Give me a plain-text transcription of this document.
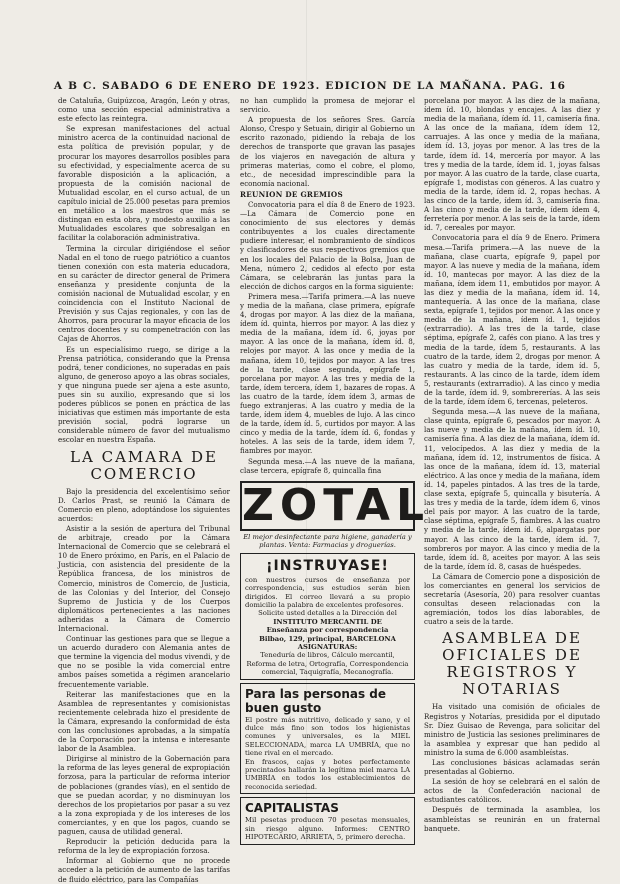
A B C. SABADO 6 DE ENERO DE 1923. EDICION DE LA MAÑANA. PAG. 16

de Cataluña, Guipúzcoa, Aragón, León y otras, como una sección especial administrativa a este efecto las reintegra.

Se expresan manifestaciones del actual ministro acerca de la continuidad nacional de esta política de previsión popular, y de procurar los mayores desarrollos posibles para su efectividad, y especialmente acerca de su favorable disposición a la aplicación, a propuesta de la comisión nacional de Mutualidad escolar, en el curso actual, de un capítulo inicial de 25.000 pesetas para premios en metálico a los maestros que más se distingan en esta obra, y modesto auxilio a las Mutualidades escolares que sobresalgan en facilitar la colaboración administrativa.

Termina la circular dirigiéndose el señor Nadal en el tono de ruego patriótico a cuantos tienen conexión con esta materia educadora, en su carácter de director general de Primera enseñanza y presidente conjunta de la comisión nacional de Mutualidad escolar, y en coincidencia con el Instituto Nacional de Previsión y sus Cajas regionales, y con las de Ahorros, para procurar la mayor eficacia de los centros docentes y su compenetración con las Cajas de Ahorros.

Es un especialísimo ruego, se dirige a la Prensa patriótica, considerando que la Prensa podrá, tener condiciones, no superadas en país alguno, de generoso apoyo a las obras sociales, y que ninguna puede ser ajena a este asunto, pues sin su auxilio, expresando que si los poderes públicos se ponen en práctica de las iniciativas que estimen más importante de esta previsión social, podrá lograrse un considerable número de favor del mutualismo escolar en nuestra España.

LA CAMARA DE COMERCIO

Bajo la presidencia del excelentísimo señor D. Carlos Prast, se reunió la Cámara de Comercio en pleno, adoptándose los siguientes acuerdos:

Asistir a la sesión de apertura del Tribunal de arbitraje, creado por la Cámara Internacional de Comercio que se celebrará el 10 de Enero próximo, en París, en el Palacio de Justicia, con asistencia del presidente de la República francesa, de los ministros de Comercio, ministros de Comercio, de Justicia, de las Colonias y del Interior, del Consejo Supremo de Justicia y de los Cuerpos diplomáticos pertenecientes a las naciones adheridas a la Cámara de Comercio Internacional.

Continuar las gestiones para que se llegue a un acuerdo duradero con Alemania antes de que termine la vigencia del modus vivendi, y de que no se posible la vida comercial entre ambos países sometida a régimen arancelario frecuentemente variable.

Reiterar las manifestaciones que en la Asamblea de representantes y comisionistas recientemente celebrada hizo el presidente de la Cámara, expresando la conformidad de ésta con las conclusiones aprobadas, a la simpatía de la Corporación por la intensa e interesante labor de la Asamblea.

Dirigirse al ministro de la Gobernación para la reforma de las leyes general de expropiación forzosa, para la particular de reforma interior de poblaciones (grandes vías), en el sentido de que se puedan acordar, y no disminuyan los derechos de los propietarios por pasar a su vez a la zona expropiada y de los intereses de los comerciantes, y en que los pagos, cuando se paguen, causa de utilidad general.

Reproducir la petición deducida para la reforma de la ley de expropiación forzosa.

Informar al Gobierno que no procede acceder a la petición de aumento de las tarifas de fluido eléctrico, para las Compañías

no han cumplido la promesa de mejorar el servicio.

A propuesta de los señores Sres. García Alonso, Crespo y Setuain, dirigir al Gobierno un escrito razonado, pidiendo la rebaja de los derechos de transporte que gravan las pasajes de los viajeros en navegación de altura y primeras materias, como el cobre, el plomo, etc., de necesidad imprescindible para la economía nacional.

REUNION DE GREMIOS

Convocatoria para el día 8 de Enero de 1923.—La Cámara de Comercio pone en conocimiento de sus electores y demás contribuyentes a los cuales directamente pudiere interesar, el nombramiento de síndicos y clasificadores de sus respectivos gremios que en los locales del Palacio de la Bolsa, Juan de Mena, número 2, cedidos al efecto por esta Cámara, se celebrarán las juntas para la elección de dichos cargos en la forma siguiente:

Primera mesa.—Tarifa primera.—A las nueve y media de la mañana, clase primera, epígrafe 4, drogas por mayor. A las diez de la mañana, ídem íd. quinta, hierros por mayor. A las diez y media de la mañana, ídem íd. 6, joyas por mayor. A las once de la mañana, ídem íd. 8, relojes por mayor. A las once y media de la mañana, ídem 10, tejidos por mayor. A las tres de la tarde, clase segunda, epígrafe 1, porcelana por mayor. A las tres y media de la tarde, ídem tercera, ídem 1, bazares de ropas. A las cuatro de la tarde, ídem ídem 3, armas de fuego extranjeras. A las cuatro y media de la tarde, ídem ídem 4, muebles de lujo. A las cinco de la tarde, ídem íd. 5, curtidos por mayor. A las cinco y media de la tarde, ídem íd. 6, fondas y hoteles. A las seis de la tarde, ídem ídem 7, fiambres por mayor.

Segunda mesa.—A las nueve de la mañana, clase tercera, epígrafe 8, quincalla fina

ZOTAL
El mejor desinfectante para higiene, ganadería y plantas. Venta: Farmacias y droguerías.
¡INSTRUYASE!
con nuestros cursos de enseñanza por correspondencia, sus estudios serán bien dirigidos. El correo llevará a su propio domicilio la palabra de excelentes profesores.
Solicite usted detalles a la Dirección del
INSTITUTO MERCANTIL DE
Enseñanza por correspondencia
Bilbao, 129, principal, BARCELONA
ASIGNATURAS:
Teneduría de libros, Cálculo mercantil, Reforma de letra, Ortografía, Correspondencia comercial, Taquigrafía, Mecanografía.
Para las personas de buen gusto
El postre más nutritivo, delicado y sano, y el dulce más fino son todos los higienistas comunes y universales, es la MIEL SELECCIONADA, marca LA UMBRÍA, que no tiene rival en el mercado.
En frascos, cajas y botes perfectamente precintados hallarán la legítima miel marca LA UMBRÍA en todos los establecimientos de reconocida seriedad.
CAPITALISTAS
Mil pesetas producen 70 pesetas mensuales, sin riesgo alguno. Informes: CENTRO HIPOTECARIO, ARRIETA, 5, primero derecha.

porcelana por mayor. A las diez de la mañana, ídem íd. 10, blondas y encajes. A las diez y media de la mañana, ídem íd. 11, camisería fina. A las once de la mañana, ídem ídem 12, carruajes. A las once y media de la mañana, ídem íd. 13, joyas por menor. A las tres de la tarde, ídem íd. 14, mercería por mayor. A las tres y media de la tarde, ídem íd. 1, joyas falsas por mayor. A las cuatro de la tarde, clase cuarta, epígrafe 1, modistas con géneros. A las cuatro y media de la tarde, ídem íd. 2, ropas hechas. A las cinco de la tarde, ídem íd. 3, camisería fina. A las cinco y media de la tarde, ídem ídem 4, ferretería por menor. A las seis de la tarde, ídem íd. 7, cereales por mayor.

Convocatoria para el día 9 de Enero. Primera mesa.—Tarifa primera.—A las nueve de la mañana, clase cuarta, epígrafe 9, papel por mayor. A las nueve y media de la mañana, ídem íd. 10, mantecas por mayor. A las diez de la mañana, ídem ídem 11, embutidos por mayor. A las diez y media de la mañana, ídem íd. 14, mantequería. A las once de la mañana, clase sexta, epígrafe 1, tejidos por menor. A las once y media de la mañana, ídem íd. 1, tejidos (extrarradio). A las tres de la tarde, clase séptima, epígrafe 2, cafés con piano. A las tres y media de la tarde, ídem 5, restaurants. A las cuatro de la tarde, ídem 2, drogas por menor. A las cuatro y media de la tarde, ídem íd. 5, restaurants. A las cinco de la tarde, ídem ídem 5, restaurants (extrarradio). A las cinco y media de la tarde, ídem íd. 9, sombrererías. A las seis de la tarde, ídem ídem 6, tercenas, peleteros.

Segunda mesa.—A las nueve de la mañana, clase quinta, epígrafe 6, pescados por mayor. A las nueve y media de la mañana, ídem íd. 10, camisería fina. A las diez de la mañana, ídem íd. 11, velocípedos. A las diez y media de la mañana, ídem íd. 12, instrumentos de física. A las once de la mañana, ídem íd. 13, material eléctrico. A las once y media de la mañana, ídem íd. 14, papeles pintados. A las tres de la tarde, clase sexta, epígrafe 5, quincalla y bisutería. A las tres y media de la tarde, ídem ídem 6, vinos del país por mayor. A las cuatro de la tarde, clase séptima, epígrafe 5, fiambres. A las cuatro y media de la tarde, ídem íd. 6, alpargatas por mayor. A las cinco de la tarde, ídem íd. 7, sombreros por mayor. A las cinco y media de la tarde, ídem íd. 8, aceites por mayor. A las seis de la tarde, ídem íd. 8, casas de huéspedes.

La Cámara de Comercio pone a disposición de los comerciantes en general los servicios de secretaría (Asesoría, 20) para resolver cuantas consultas deseen relacionadas con la agremiación, todos los días laborables, de cuatro a seis de la tarde.

ASAMBLEA DE OFICIALES DE REGISTROS Y NOTARIAS

Ha visitado una comisión de oficiales de Registros y Notarías, presidida por el diputado Sr. Díez Guisao de Revenga, para solicitar del ministro de Justicia las sesiones preliminares de la asamblea y expresar que han pedido al ministro la suma de 6.000 asambleístas.

Las conclusiones básicas aclamadas serán presentadas al Gobierno.

La sesión de hoy se celebrará en el salón de actos de la Confederación nacional de estudiantes católicos.

Después de terminada la asamblea, los asambleístas se reunirán en un fraternal banquete.
